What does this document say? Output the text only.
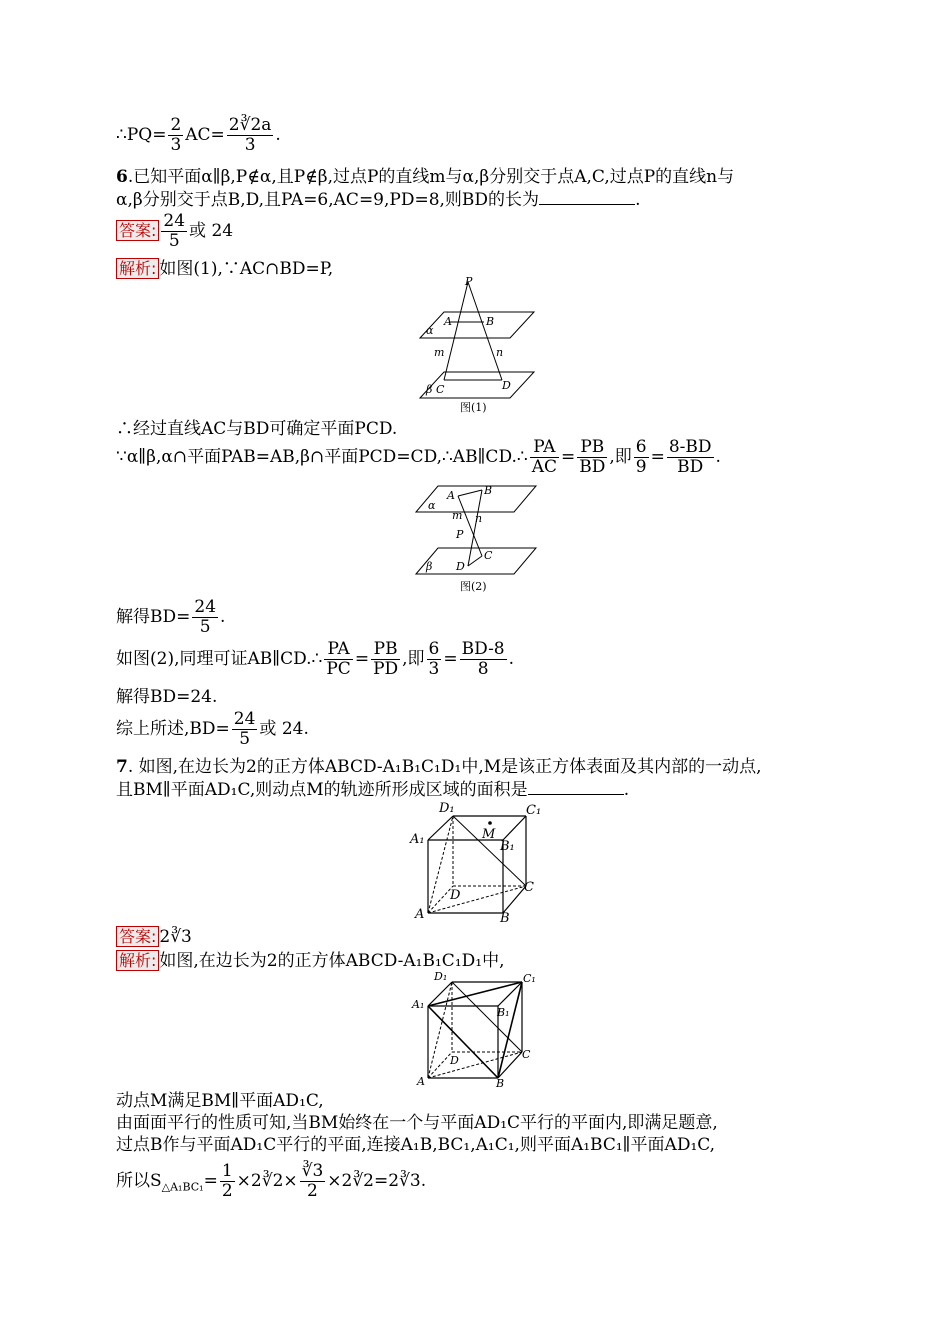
∴PQ= $\frac{2}{3} AC= \frac{2∛2a}{3}$ .
6.已知平面α∥β,P∉α,且P∉β,过点P的直线m与α,β分别交于点A,C,过点P的直线n与
α,β分别交于点B,D,且PA=6,AC=9,PD=8,则BD的长为	.
答案: $\frac{24}{5}$ 或 24
解析: 如图(1),∵AC∩BD=P,
P
A	B
α
m	n
β C	D
图(1)
∴经过直线AC与BD可确定平面PCD.
∵α∥β,α∩平面PAB=AB,β∩平面PCD=CD,∴AB∥CD.∴ $\frac{PA}{AC} = \frac{PB}{BD}$ ,即 $\frac{6}{9} = \frac{8-BD}{BD}$ .
A	B
α
m n
P
C
β D
图(2)
解得$BD= \frac{24}{5}$ .
如图(2),同理可证AB∥CD.∴ $\frac{PA}{PC} = \frac{PB}{PD}$ ,即 $\frac{6}{3} = \frac{BD-8}{8}$ .
解得BD=24.
综上所述$,BD= \frac{24}{5}$ 或 24.
7. 如图,在边长为2的正方体ABCD-A₁B₁C₁D₁中,M是该正方体表面及其内部的一动点,
且BM∥平面AD₁C,则动点M的轨迹所形成区域的面积是	.
D₁	C₁
M
A₁	B₁
C
D
A	B
答案: 2∛3
解析: 如图,在边长为2的正方体ABCD-A₁B₁C₁D₁中,
D₁	C₁
A₁
B₁
C
D
A	B
动点M满足BM∥平面AD₁C,
由面面平行的性质可知,当BM始终在一个与平面AD₁C平行的平面内,即满足题意,
过点B作与平面AD₁C平行的平面,连接A₁B,BC₁,A₁C₁,则平面A₁BC₁∥平面AD₁C,
所以$S_{\triangle A_1BC_1}= \frac{1}{2}$ ×2∛2× $\frac{∛3}{2}$ ×2∛2=2∛3.
